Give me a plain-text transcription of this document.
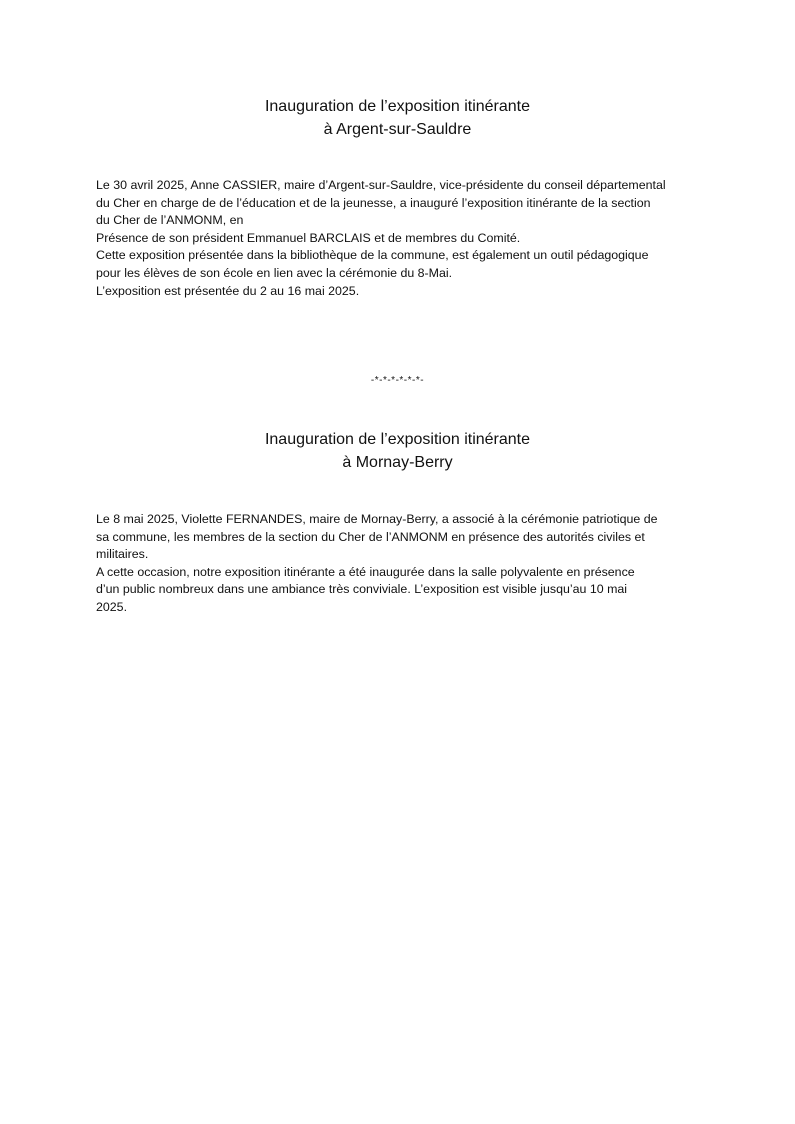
Inauguration de l’exposition itinérante
à Argent-sur-Sauldre
Le 30 avril 2025, Anne CASSIER, maire d’Argent-sur-Sauldre, vice-présidente du conseil départemental
du Cher en charge de de l’éducation et de la jeunesse, a inauguré l’exposition itinérante de la section
du Cher de l’ANMONM, en
Présence de son président Emmanuel BARCLAIS et de membres du Comité.
Cette exposition présentée dans la bibliothèque de la commune, est également un outil pédagogique
pour les élèves de son école en lien avec la cérémonie du 8-Mai.
L’exposition est présentée du 2 au 16 mai 2025.
-*-*-*-*-*-*-
Inauguration de l’exposition itinérante
à Mornay-Berry
Le 8 mai 2025, Violette FERNANDES, maire de Mornay-Berry, a associé à la cérémonie patriotique de
sa commune, les membres de la section du Cher de l’ANMONM en présence des autorités civiles et
militaires.
A cette occasion, notre exposition itinérante a été inaugurée dans la salle polyvalente en présence
d’un public nombreux dans une ambiance très conviviale. L’exposition est visible jusqu’au 10 mai
2025.
